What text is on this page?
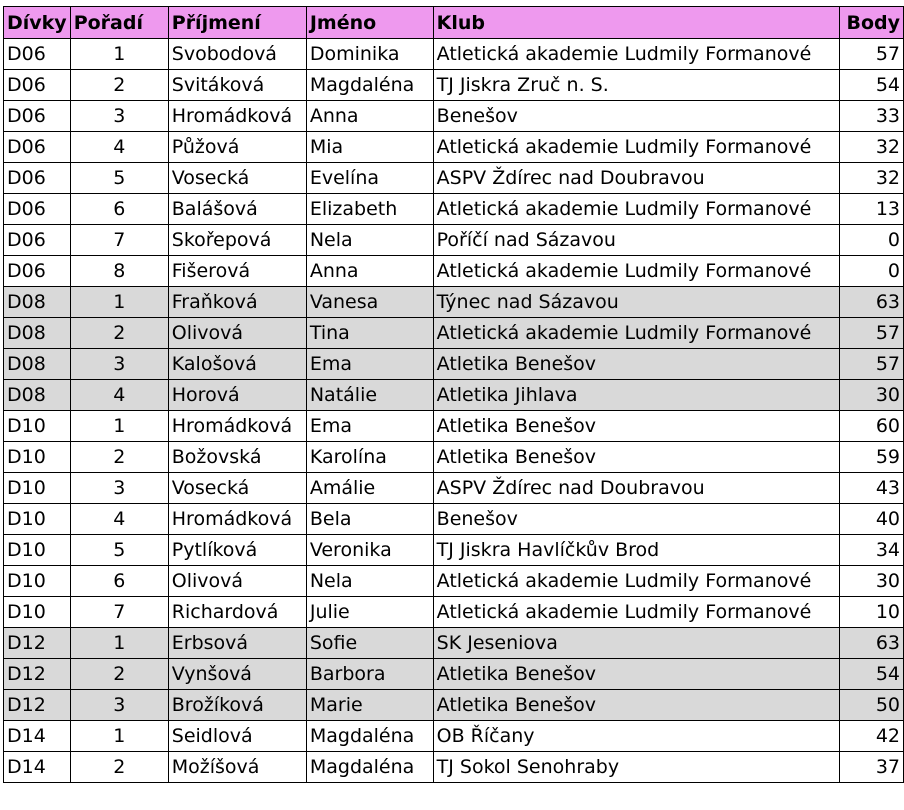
Dívky	Pořadí	Příjmení	Jméno	Klub	Body
D06	1	Svobodová	Dominika	Atletická akademie Ludmily Formanové	57
D06	2	Svitáková	Magdaléna	TJ Jiskra Zruč n. S.	54
D06	3	Hromádková	Anna	Benešov	33
D06	4	Půžová	Mia	Atletická akademie Ludmily Formanové	32
D06	5	Vosecká	Evelína	ASPV Ždírec nad Doubravou	32
D06	6	Balášová	Elizabeth	Atletická akademie Ludmily Formanové	13
D06	7	Skořepová	Nela	Poříčí nad Sázavou	0
D06	8	Fišerová	Anna	Atletická akademie Ludmily Formanové	0
D08	1	Fraňková	Vanesa	Týnec nad Sázavou	63
D08	2	Olivová	Tina	Atletická akademie Ludmily Formanové	57
D08	3	Kalošová	Ema	Atletika Benešov	57
D08	4	Horová	Natálie	Atletika Jihlava	30
D10	1	Hromádková	Ema	Atletika Benešov	60
D10	2	Božovská	Karolína	Atletika Benešov	59
D10	3	Vosecká	Amálie	ASPV Ždírec nad Doubravou	43
D10	4	Hromádková	Bela	Benešov	40
D10	5	Pytlíková	Veronika	TJ Jiskra Havlíčkův Brod	34
D10	6	Olivová	Nela	Atletická akademie Ludmily Formanové	30
D10	7	Richardová	Julie	Atletická akademie Ludmily Formanové	10
D12	1	Erbsová	Sofie	SK Jeseniova	63
D12	2	Vynšová	Barbora	Atletika Benešov	54
D12	3	Brožíková	Marie	Atletika Benešov	50
D14	1	Seidlová	Magdaléna	OB Říčany	42
D14	2	Možíšová	Magdaléna	TJ Sokol Senohraby	37
